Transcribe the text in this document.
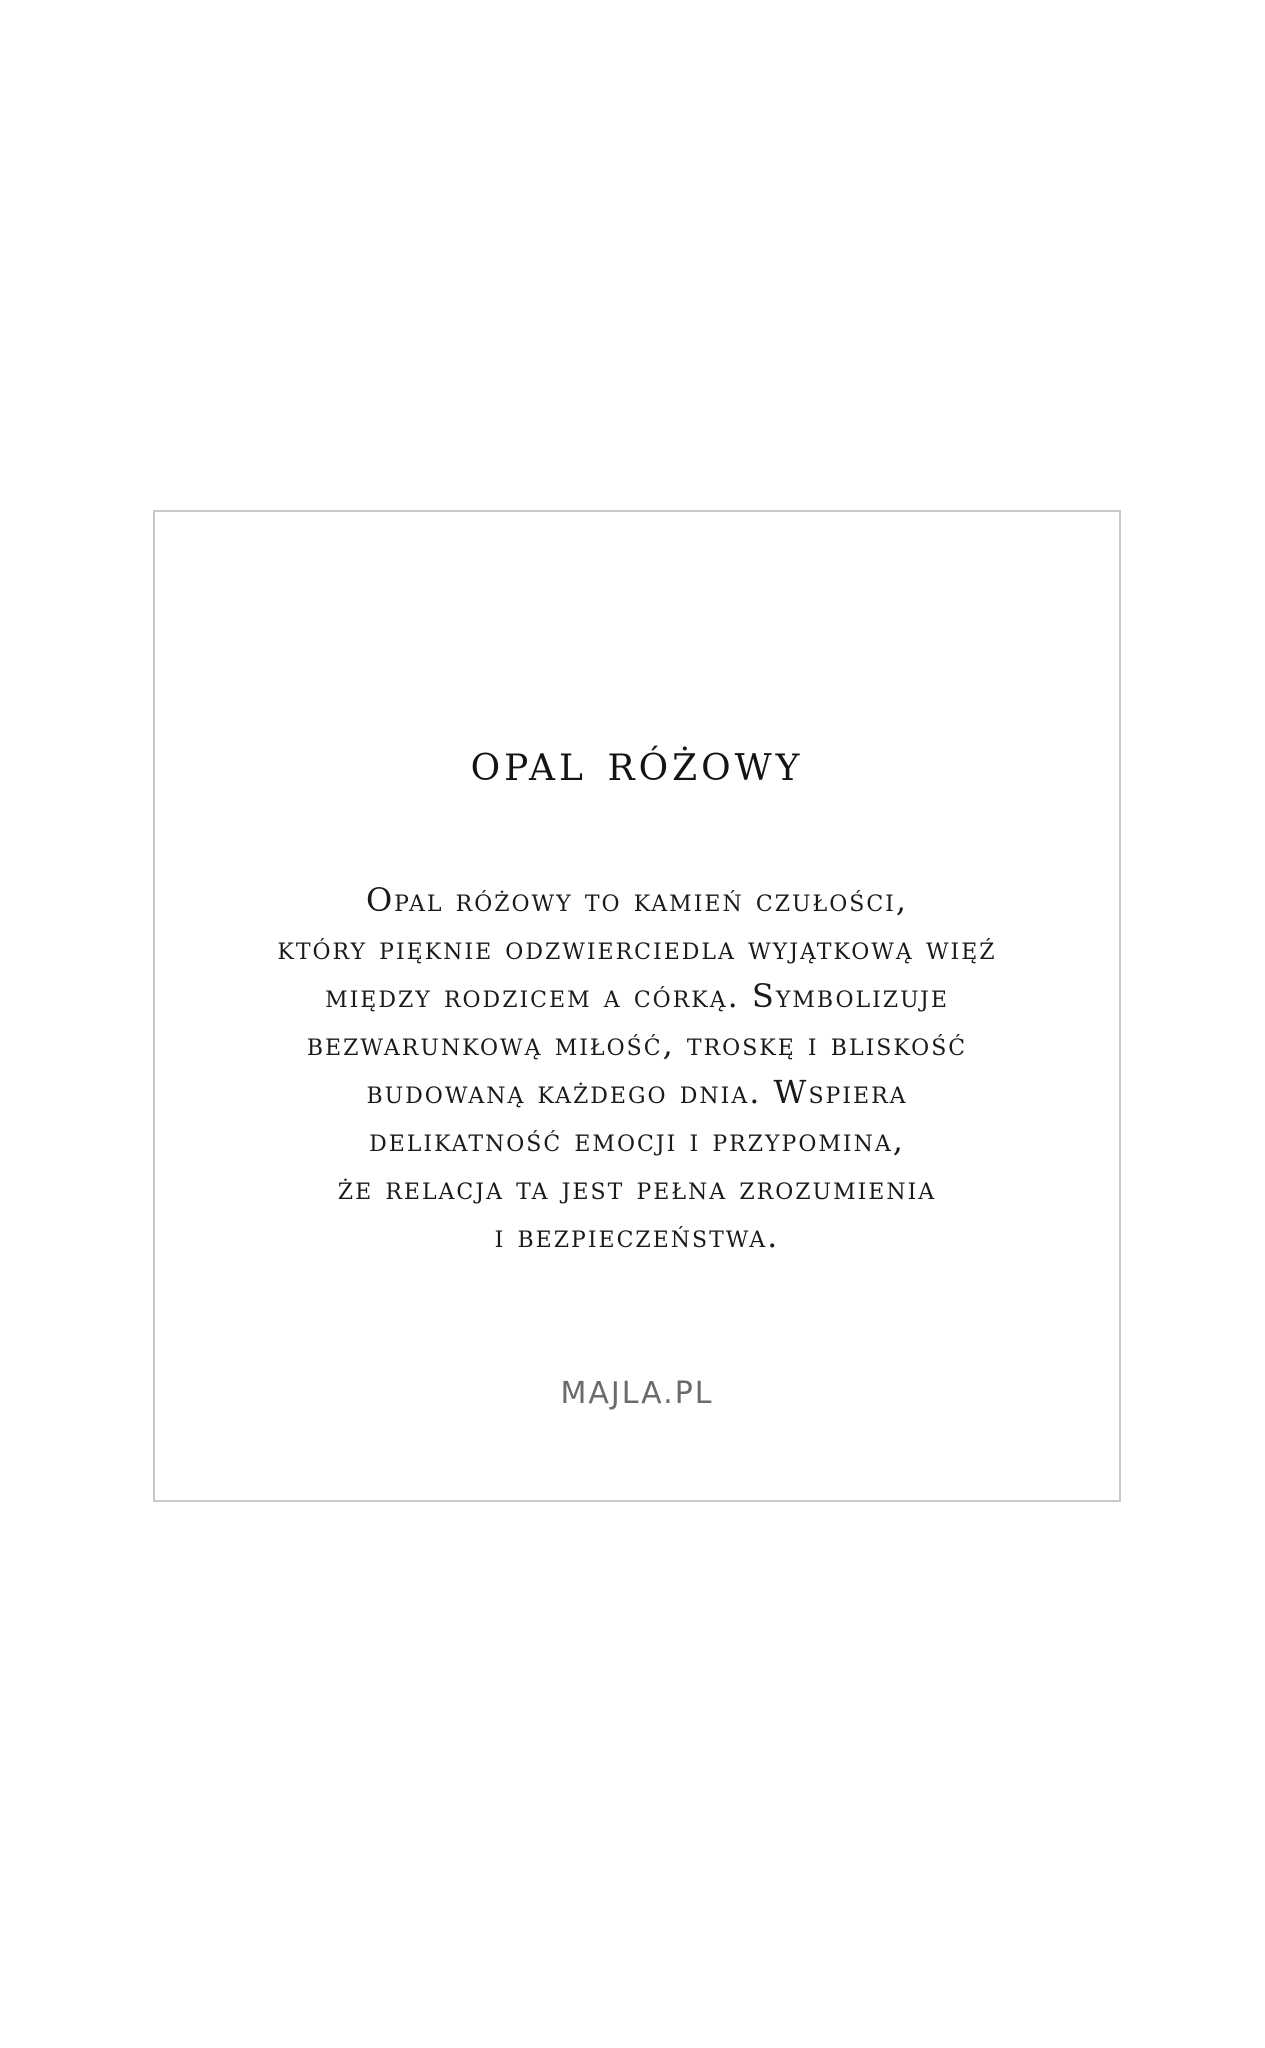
opal różowy

Opal różowy to kamień czułości,
który pięknie odzwierciedla wyjątkową więź
między rodzicem a córką. Symbolizuje
bezwarunkową miłość, troskę i bliskość
budowaną każdego dnia. Wspiera
delikatność emocji i przypomina,
że relacja ta jest pełna zrozumienia
i bezpieczeństwa.

MAJLA.PL
